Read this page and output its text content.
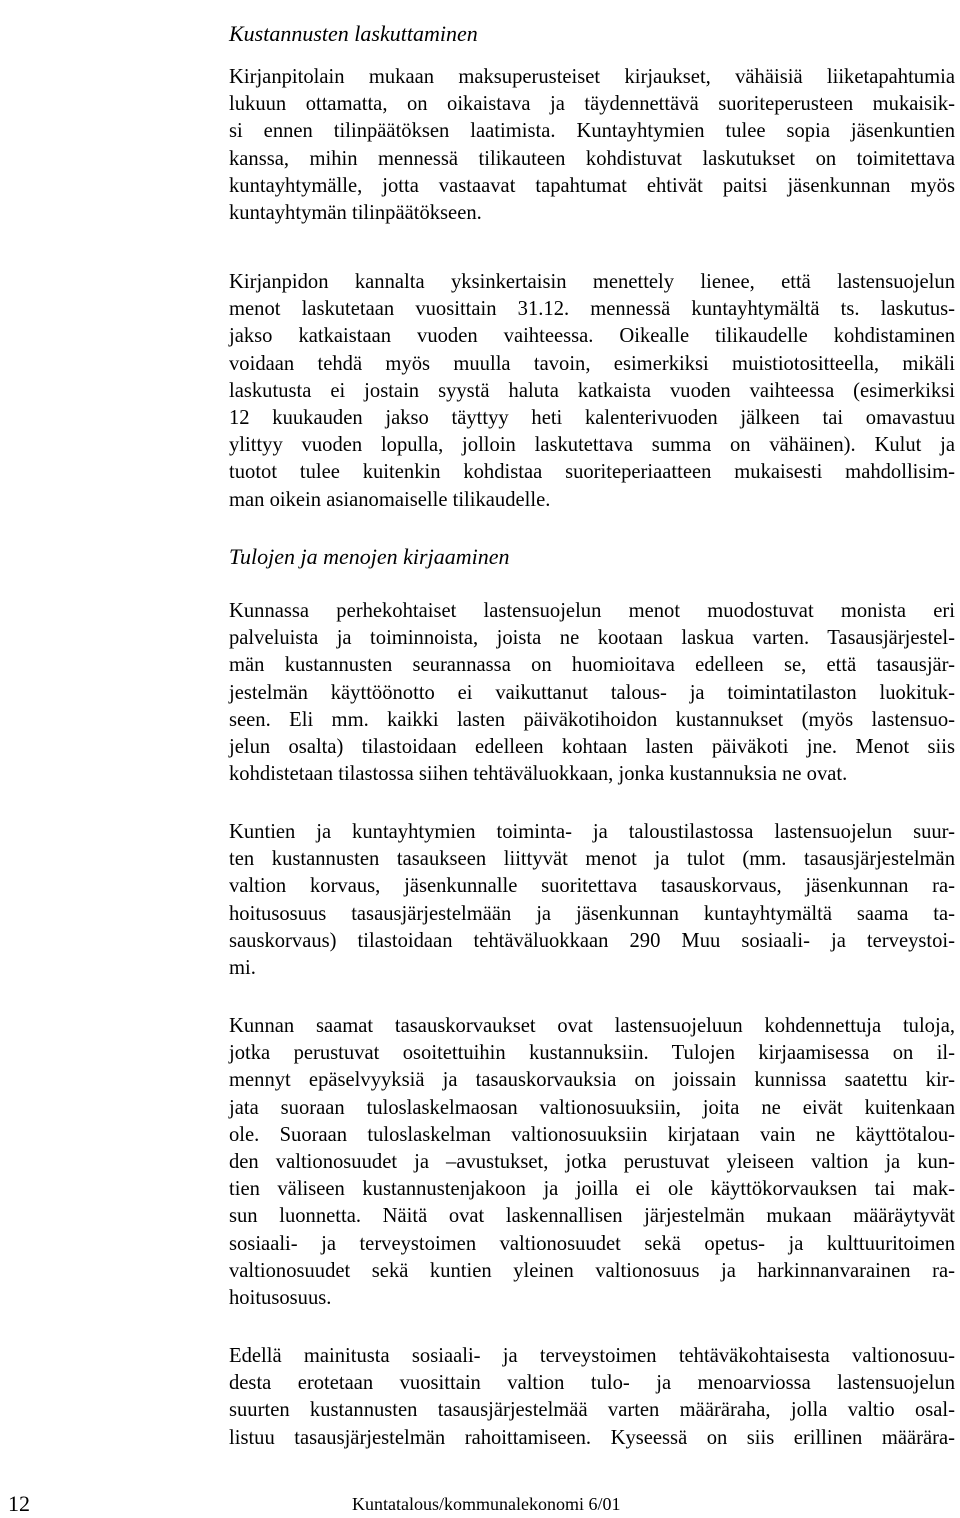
Kustannusten laskuttaminen
Kirjanpitolain mukaan maksuperusteiset kirjaukset, vähäisiä liiketapahtumia
lukuun ottamatta, on oikaistava ja täydennettävä suoriteperusteen mukaisik-
si ennen tilinpäätöksen laatimista. Kuntayhtymien tulee sopia jäsenkuntien
kanssa, mihin mennessä tilikauteen kohdistuvat laskutukset on toimitettava
kuntayhtymälle, jotta vastaavat tapahtumat ehtivät paitsi jäsenkunnan myös
kuntayhtymän tilinpäätökseen.
Kirjanpidon kannalta yksinkertaisin menettely lienee, että lastensuojelun
menot laskutetaan vuosittain 31.12. mennessä kuntayhtymältä ts. laskutus-
jakso katkaistaan vuoden vaihteessa. Oikealle tilikaudelle kohdistaminen
voidaan tehdä myös muulla tavoin, esimerkiksi muistiotositteella, mikäli
laskutusta ei jostain syystä haluta katkaista vuoden vaihteessa (esimerkiksi
12 kuukauden jakso täyttyy heti kalenterivuoden jälkeen tai omavastuu
ylittyy vuoden lopulla, jolloin laskutettava summa on vähäinen). Kulut ja
tuotot tulee kuitenkin kohdistaa suoriteperiaatteen mukaisesti mahdollisim-
man oikein asianomaiselle tilikaudelle.
Tulojen ja menojen kirjaaminen
Kunnassa perhekohtaiset lastensuojelun menot muodostuvat monista eri
palveluista ja toiminnoista, joista ne kootaan laskua varten. Tasausjärjestel-
män kustannusten seurannassa on huomioitava edelleen se, että tasausjär-
jestelmän käyttöönotto ei vaikuttanut talous- ja toimintatilaston luokituk-
seen. Eli mm. kaikki lasten päiväkotihoidon kustannukset (myös lastensuo-
jelun osalta) tilastoidaan edelleen kohtaan lasten päiväkoti jne. Menot siis
kohdistetaan tilastossa siihen tehtäväluokkaan, jonka kustannuksia ne ovat.
Kuntien ja kuntayhtymien toiminta- ja taloustilastossa lastensuojelun suur-
ten kustannusten tasaukseen liittyvät menot ja tulot (mm. tasausjärjestelmän
valtion korvaus, jäsenkunnalle suoritettava tasauskorvaus, jäsenkunnan ra-
hoitusosuus tasausjärjestelmään ja jäsenkunnan kuntayhtymältä saama ta-
sauskorvaus) tilastoidaan tehtäväluokkaan 290 Muu sosiaali- ja terveystoi-
mi.
Kunnan saamat tasauskorvaukset ovat lastensuojeluun kohdennettuja tuloja,
jotka perustuvat osoitettuihin kustannuksiin. Tulojen kirjaamisessa on il-
mennyt epäselvyyksiä ja tasauskorvauksia on joissain kunnissa saatettu kir-
jata suoraan tuloslaskelmaosan valtionosuuksiin, joita ne eivät kuitenkaan
ole. Suoraan tuloslaskelman valtionosuuksiin kirjataan vain ne käyttötalou-
den valtionosuudet ja –avustukset, jotka perustuvat yleiseen valtion ja kun-
tien väliseen kustannustenjakoon ja joilla ei ole käyttökorvauksen tai mak-
sun luonnetta. Näitä ovat laskennallisen järjestelmän mukaan määräytyvät
sosiaali- ja terveystoimen valtionosuudet sekä opetus- ja kulttuuritoimen
valtionosuudet sekä kuntien yleinen valtionosuus ja harkinnanvarainen ra-
hoitusosuus.
Edellä mainitusta sosiaali- ja terveystoimen tehtäväkohtaisesta valtionosuu-
desta erotetaan vuosittain valtion tulo- ja menoarviossa lastensuojelun
suurten kustannusten tasausjärjestelmää varten määräraha, jolla valtio osal-
listuu tasausjärjestelmän rahoittamiseen. Kyseessä on siis erillinen määrära-
12	Kuntatalous/kommunalekonomi 6/01
